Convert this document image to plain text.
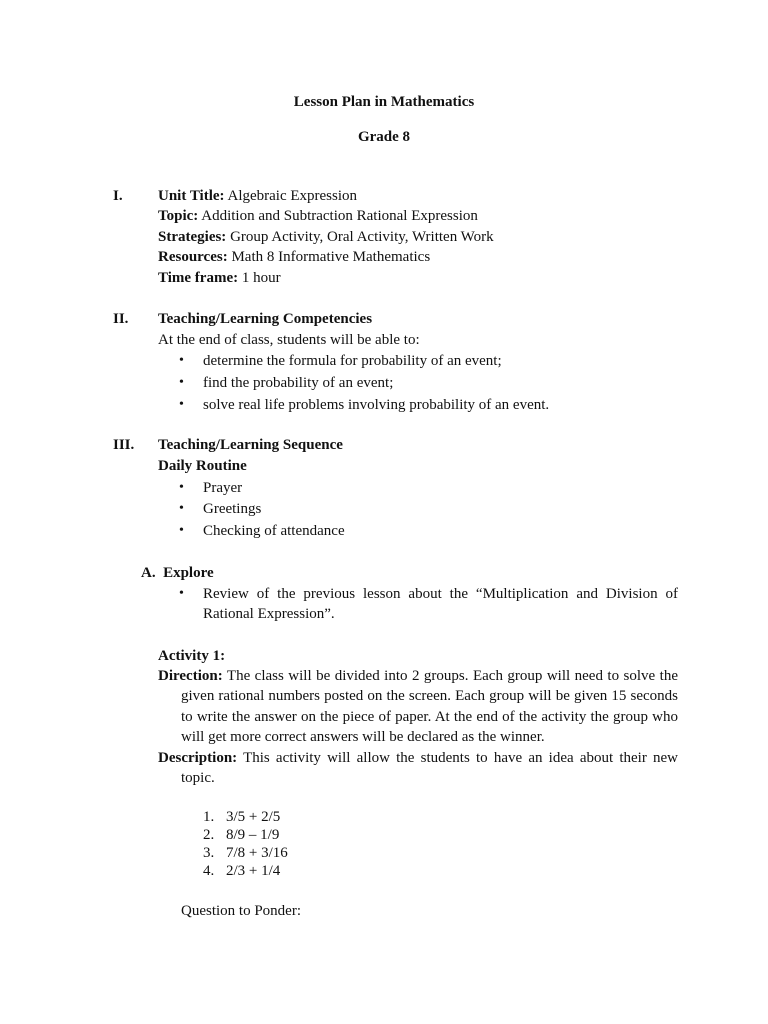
Lesson Plan in Mathematics
Grade 8
I. Unit Title: Algebraic Expression
Topic: Addition and Subtraction Rational Expression
Strategies: Group Activity, Oral Activity, Written Work
Resources: Math 8 Informative Mathematics
Time frame: 1 hour
II. Teaching/Learning Competencies
At the end of class, students will be able to:
• determine the formula for probability of an event;
• find the probability of an event;
• solve real life problems involving probability of an event.
III. Teaching/Learning Sequence
Daily Routine
• Prayer
• Greetings
• Checking of attendance
A.  Explore
• Review of the previous lesson about the “Multiplication and Division of
Rational Expression”.
Activity 1:
Direction: The class will be divided into 2 groups. Each group will need to solve the
given rational numbers posted on the screen. Each group will be given 15 seconds
to write the answer on the piece of paper. At the end of the activity the group who
will get more correct answers will be declared as the winner.
Description: This activity will allow the students to have an idea about their new
topic.
1. 3/5 + 2/5
2. 8/9 – 1/9
3. 7/8 + 3/16
4. 2/3 + 1/4
Question to Ponder:
